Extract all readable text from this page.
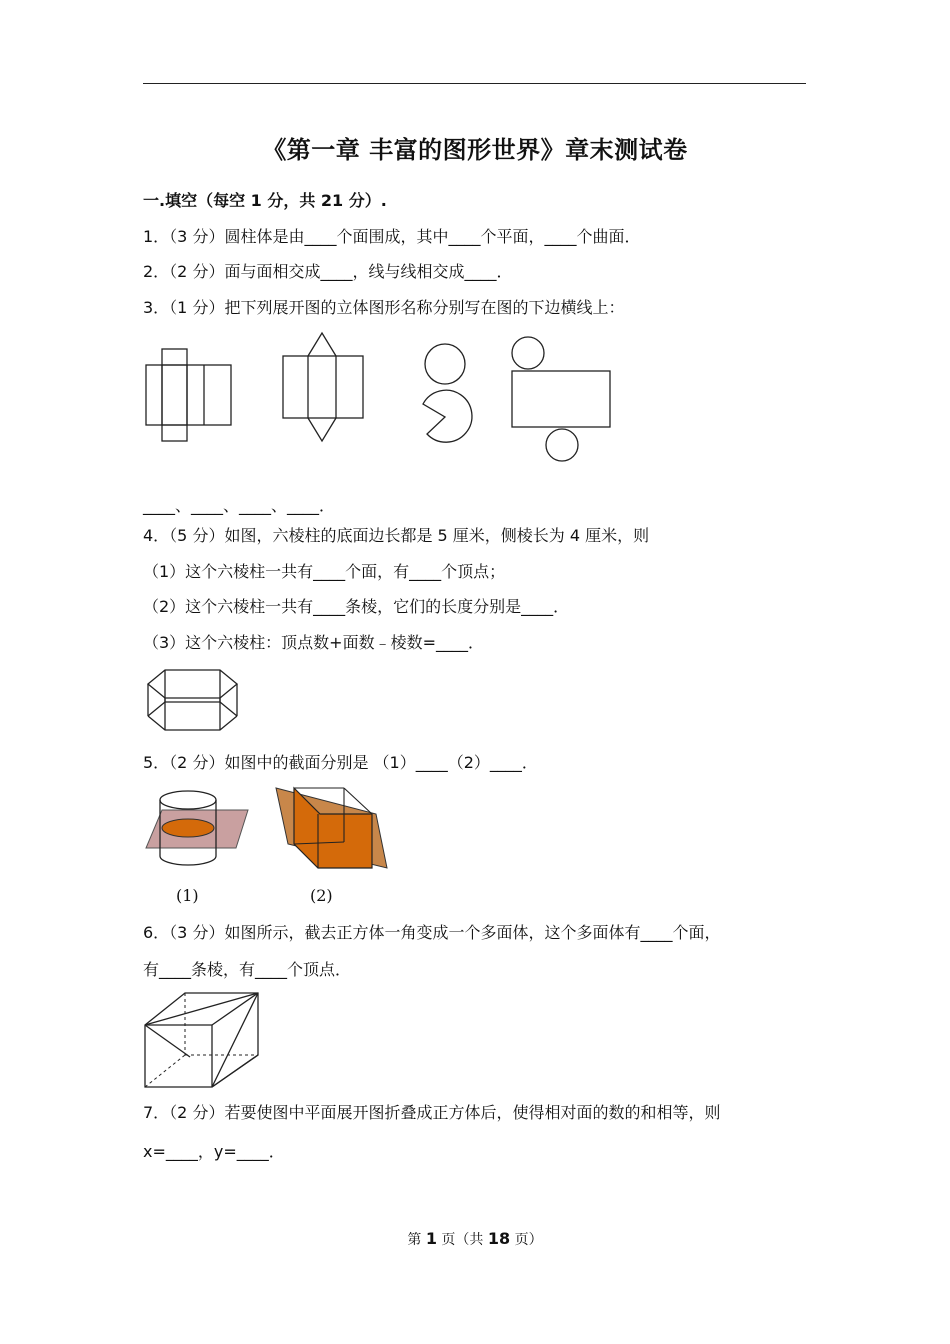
《第一章 丰富的图形世界》章末测试卷
一.填空（每空 1 分，共 21 分）.
1．（3 分）圆柱体是由____个面围成，其中____个平面，____个曲面．
2．（2 分）面与面相交成____，线与线相交成____．
3．（1 分）把下列展开图的立体图形名称分别写在图的下边横线上：
____、____、____、____．
4．（5 分）如图，六棱柱的底面边长都是 5 厘米，侧棱长为 4 厘米，则
（1）这个六棱柱一共有____个面，有____个顶点；
（2）这个六棱柱一共有____条棱，它们的长度分别是____．
（3）这个六棱柱：顶点数+面数﹣棱数=____．
5．（2 分）如图中的截面分别是 （1）____（2）____．
(1)	(2)
6．（3 分）如图所示，截去正方体一角变成一个多面体，这个多面体有____个面，
有____条棱，有____个顶点．
7．（2 分）若要使图中平面展开图折叠成正方体后，使得相对面的数的和相等，则
x=____，y=____．
第 1 页（共 18 页）
